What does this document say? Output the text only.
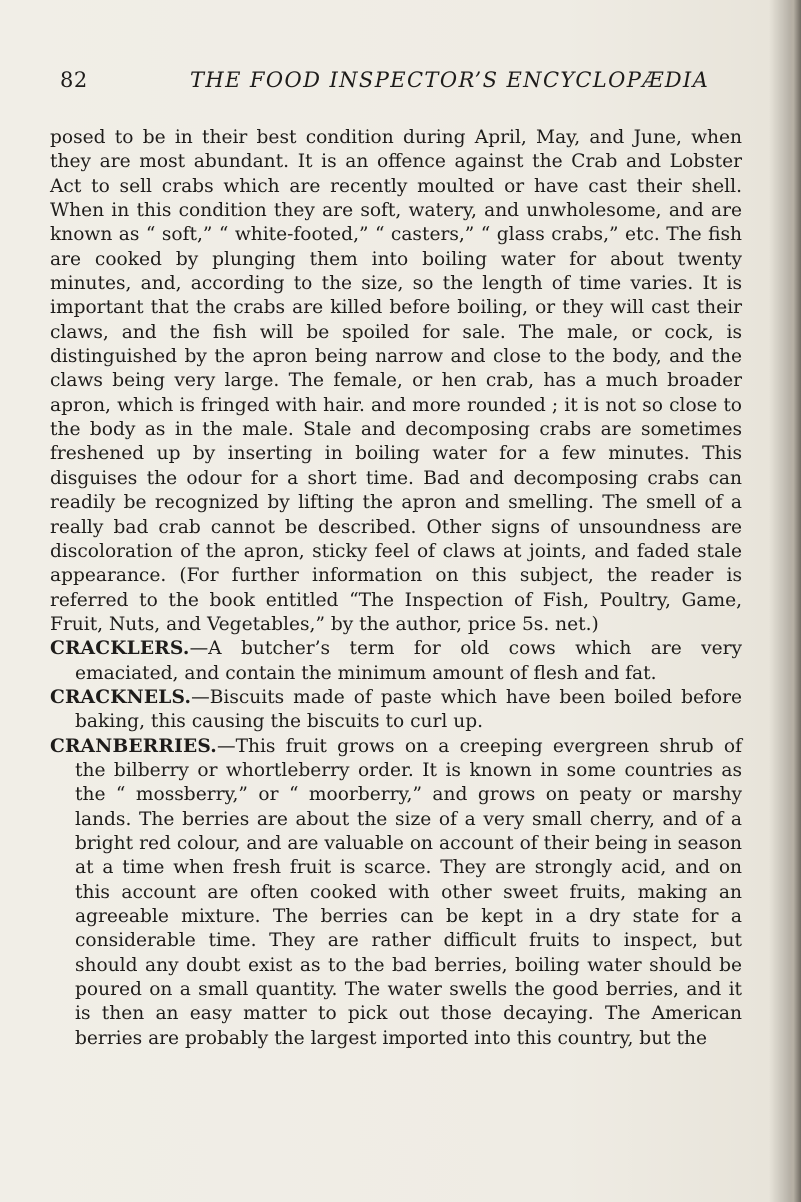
82	THE FOOD INSPECTOR’S ENCYCLOPÆDIA

posed to be in their best condition during April, May, and June, when they are most abundant. It is an offence against the Crab and Lobster Act to sell crabs which are recently moulted or have cast their shell. When in this condition they are soft, watery, and unwholesome, and are known as “ soft,” “ white-footed,” “ casters,” “ glass crabs,” etc. The fish are cooked by plunging them into boiling water for about twenty minutes, and, according to the size, so the length of time varies. It is important that the crabs are killed before boiling, or they will cast their claws, and the fish will be spoiled for sale. The male, or cock, is distinguished by the apron being narrow and close to the body, and the claws being very large. The female, or hen crab, has a much broader apron, which is fringed with hair. and more rounded ; it is not so close to the body as in the male. Stale and decomposing crabs are sometimes freshened up by inserting in boiling water for a few minutes. This disguises the odour for a short time. Bad and decomposing crabs can readily be recognized by lifting the apron and smelling. The smell of a really bad crab cannot be described. Other signs of unsoundness are discoloration of the apron, sticky feel of claws at joints, and faded stale appearance. (For further information on this subject, the reader is referred to the book entitled “The Inspection of Fish, Poultry, Game, Fruit, Nuts, and Vegetables,” by the author, price 5s. net.)

CRACKLERS.—A butcher’s term for old cows which are very emaciated, and contain the minimum amount of flesh and fat.

CRACKNELS.—Biscuits made of paste which have been boiled before baking, this causing the biscuits to curl up.

CRANBERRIES.—This fruit grows on a creeping evergreen shrub of the bilberry or whortleberry order. It is known in some countries as the “ mossberry,” or “ moorberry,” and grows on peaty or marshy lands. The berries are about the size of a very small cherry, and of a bright red colour, and are valuable on account of their being in season at a time when fresh fruit is scarce. They are strongly acid, and on this account are often cooked with other sweet fruits, making an agreeable mixture. The berries can be kept in a dry state for a considerable time. They are rather difficult fruits to inspect, but should any doubt exist as to the bad berries, boiling water should be poured on a small quantity. The water swells the good berries, and it is then an easy matter to pick out those decaying. The American berries are probably the largest imported into this country, but the
